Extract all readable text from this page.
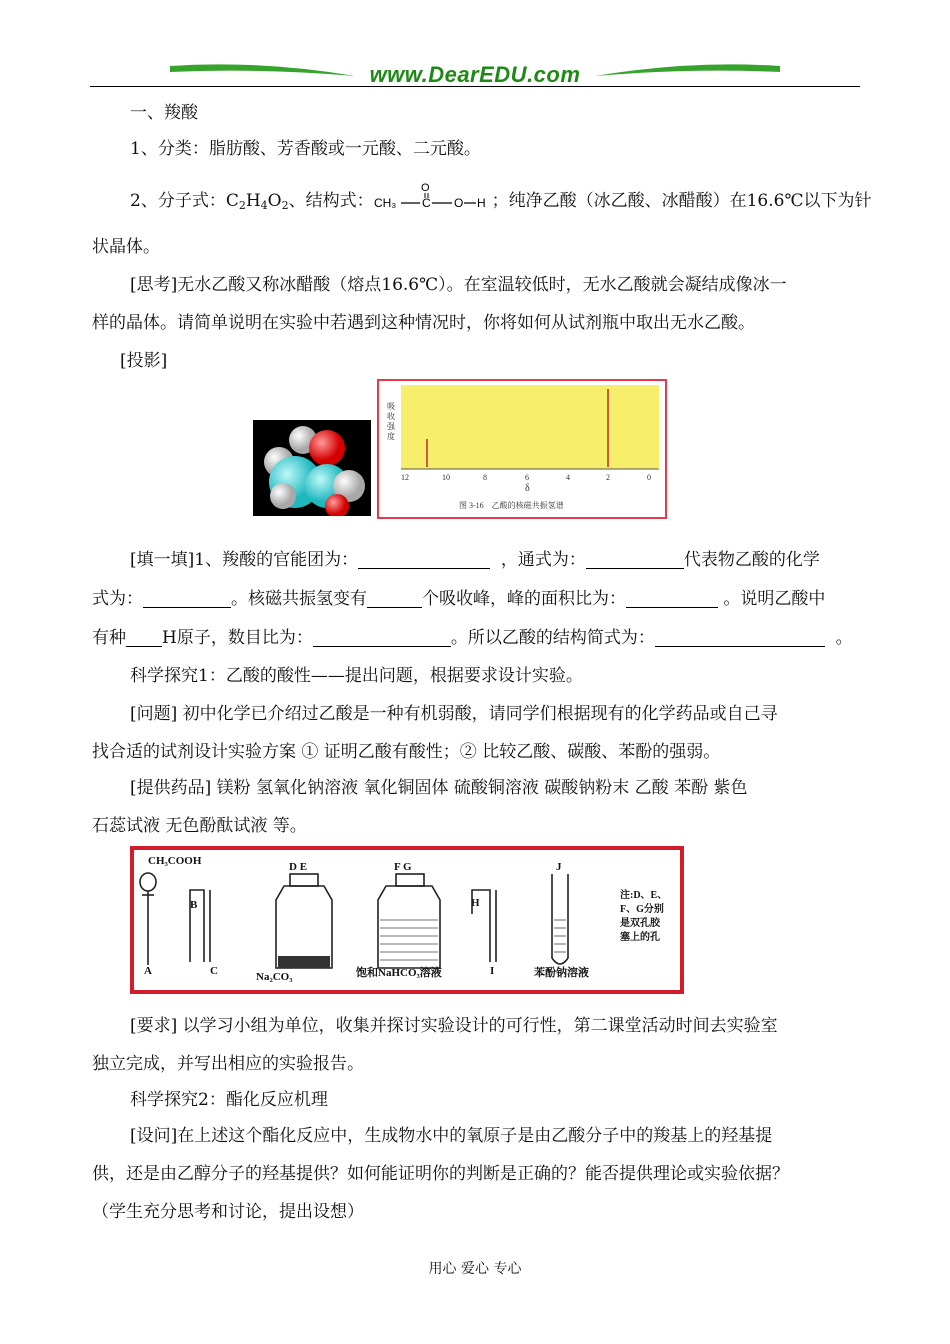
www.DearEDU.com
一、羧酸
1、分类：脂肪酸、芳香酸或一元酸、二元酸。
2、分子式：$C_2H_4O_2$、结构式： CH₃ C
O
O H ；纯净乙酸（冰乙酸、冰醋酸）在16.6℃以下为针
状晶体。
[思考]无水乙酸又称冰醋酸（熔点16.6℃）。在室温较低时，无水乙酸就会凝结成像冰一
样的晶体。请简单说明在实验中若遇到这种情况时，你将如何从试剂瓶中取出无水乙酸。
[投影]
吸
收
强
度
12	10	8	6	4	2	0
δ
图 3-16　乙酸的核磁共振氢谱
[填一填]1、羧酸的官能团为：	，通式为：	代表物乙酸的化学
式为：	。核磁共振氢变有	个吸收峰，峰的面积比为：	。说明乙酸中
有种 H原子，数目比为：	。所以乙酸的结构简式为：	。
科学探究1：乙酸的酸性——提出问题，根据要求设计实验。
[问题] 初中化学已介绍过乙酸是一种有机弱酸，请同学们根据现有的化学药品或自己寻
找合适的试剂设计实验方案 ① 证明乙酸有酸性；② 比较乙酸、碳酸、苯酚的强弱。
[提供药品] 镁粉 氢氧化钠溶液 氧化铜固体 硫酸铜溶液 碳酸钠粉末 乙酸 苯酚 紫色
石蕊试液 无色酚酞试液 等。
CH₃COOH
A
B
C
D E	F G
H
I
J
Na₂CO₃	饱和NaHCO₃溶液	苯酚钠溶液
注:D、E、
F、G分别
是双孔胶
塞上的孔
[要求] 以学习小组为单位，收集并探讨实验设计的可行性，第二课堂活动时间去实验室
独立完成，并写出相应的实验报告。
科学探究2：酯化反应机理
[设问]在上述这个酯化反应中，生成物水中的氧原子是由乙酸分子中的羧基上的羟基提
供，还是由乙醇分子的羟基提供？如何能证明你的判断是正确的？能否提供理论或实验依据？
（学生充分思考和讨论，提出设想）
用心 爱心 专心
